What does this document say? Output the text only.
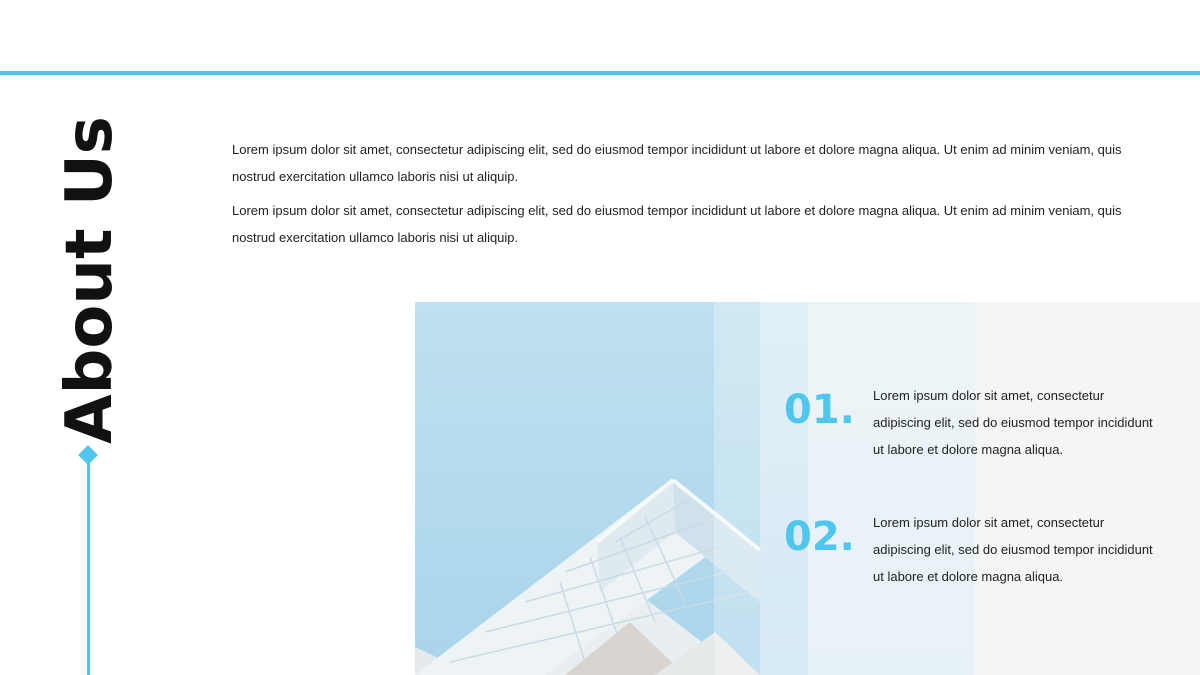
About Us	Lorem ipsum dolor sit amet, consectetur adipiscing elit, sed do eiusmod tempor incididunt ut labore et dolore magna aliqua. Ut enim ad minim veniam, quis nostrud exercitation ullamco laboris nisi ut aliquip.

Lorem ipsum dolor sit amet, consectetur adipiscing elit, sed do eiusmod tempor incididunt ut labore et dolore magna aliqua. Ut enim ad minim veniam, quis nostrud exercitation ullamco laboris nisi ut aliquip.

01. Lorem ipsum dolor sit amet, consectetur adipiscing elit, sed do eiusmod tempor incididunt ut labore et dolore magna aliqua.
02. Lorem ipsum dolor sit amet, consectetur adipiscing elit, sed do eiusmod tempor incididunt ut labore et dolore magna aliqua.
